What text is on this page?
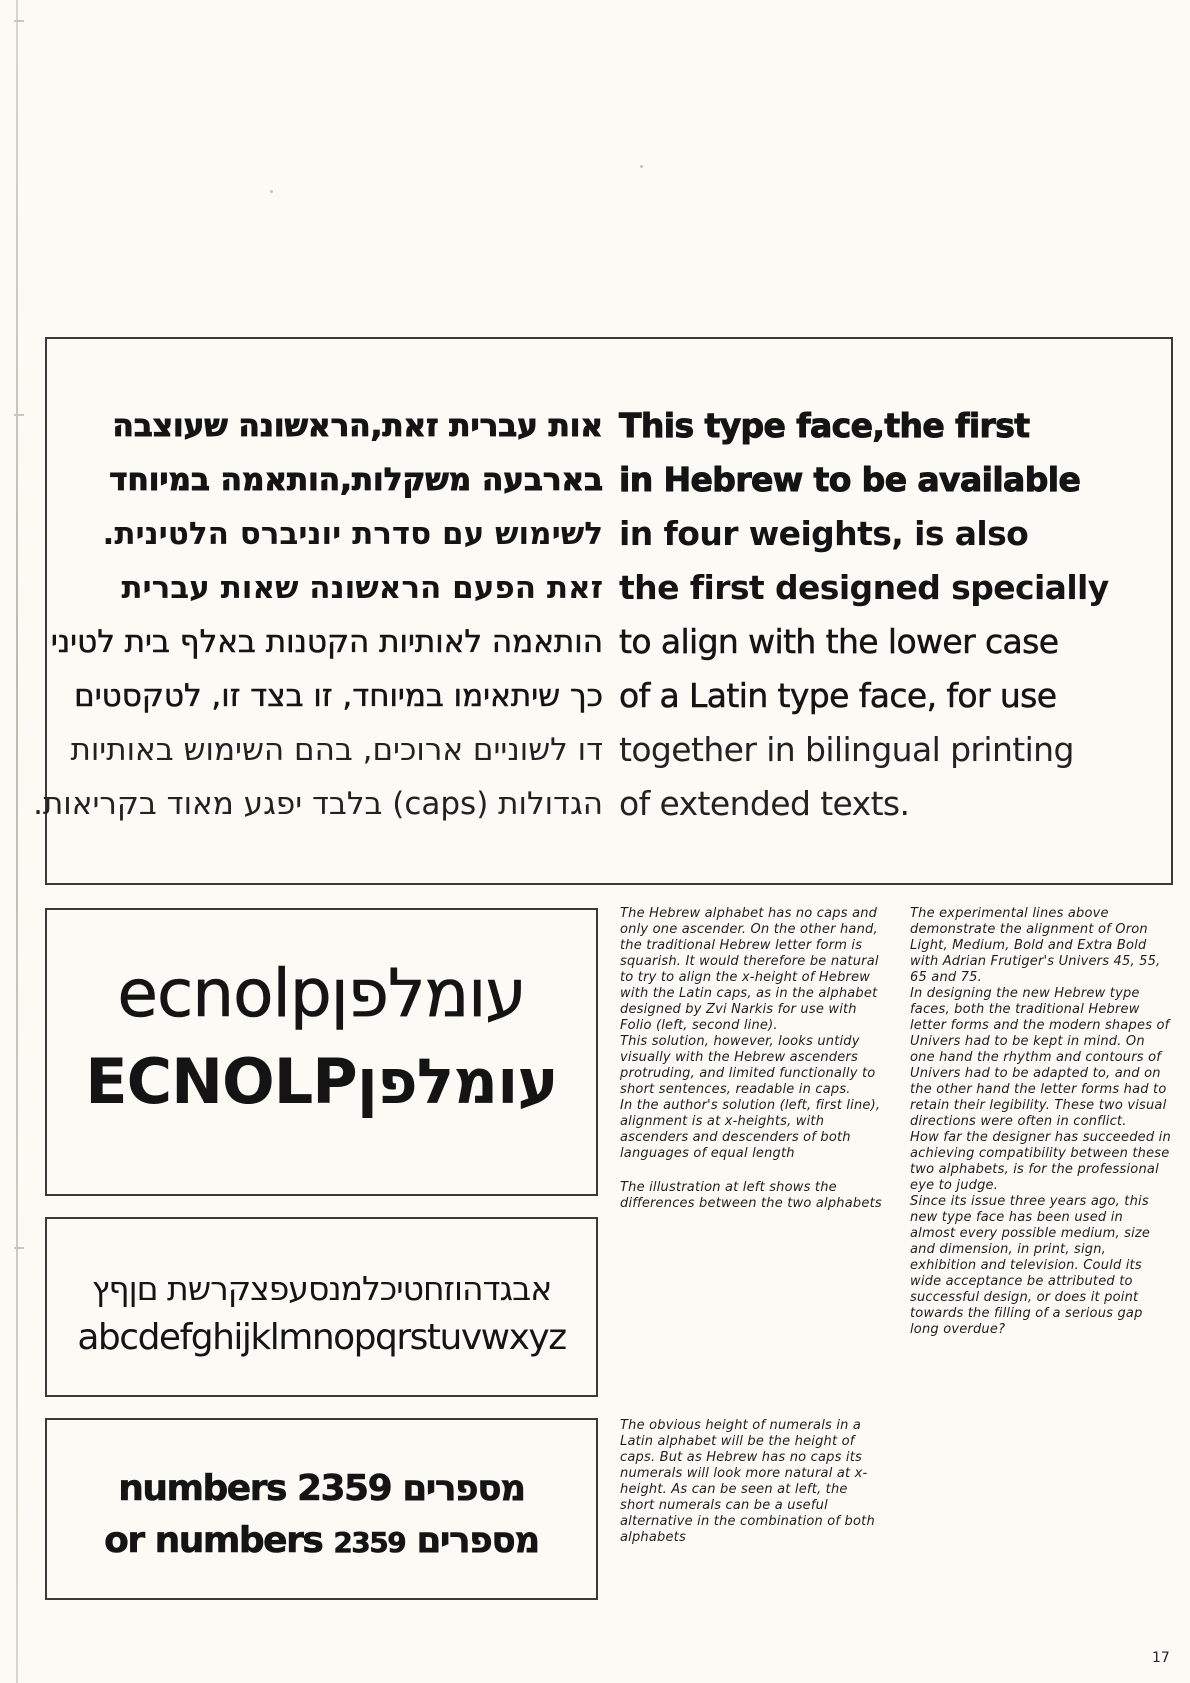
אות עברית זאת,הראשונה שעוצבה
בארבעה משקלות,הותאמה במיוחד
לשימוש עם סדרת יוניברס הלטינית.
זאת הפעם הראשונה שאות עברית
הותאמה לאותיות הקטנות באלף בית לטיני
כך שיתאימו במיוחד, זו בצד זו, לטקסטים
דו לשוניים ארוכים, בהם השימוש באותיות
הגדולות (caps) בלבד יפגע מאוד בקריאות.
This type face,the first
in Hebrew to be available
in four weights, is also
the first designed specially
to align with the lower case
of a Latin type face, for use
together in bilingual printing
of extended texts.
ecnolpעומלפן
ECNOLPעומלפן
אבגדהוזחטיכלמנסעפצקרשת םןףץ
abcdefghijklmnopqrstuvwxyz
numbers 2359 מספרים
or numbers 2359 מספרים

The Hebrew alphabet has no caps and only one ascender. On the other hand, the traditional Hebrew letter form is squarish. It would therefore be natural to try to align the x-height of Hebrew with the Latin caps, as in the alphabet designed by Zvi Narkis for use with Folio (left, second line).

This solution, however, looks untidy visually with the Hebrew ascenders protruding, and limited functionally to short sentences, readable in caps.

In the author's solution (left, first line), alignment is at x-heights, with ascenders and descenders of both languages of equal length

The illustration at left shows the differences between the two alphabets

The obvious height of numerals in a Latin alphabet will be the height of caps. But as Hebrew has no caps its numerals will look more natural at x-height. As can be seen at left, the short numerals can be a useful alternative in the combination of both alphabets

The experimental lines above demonstrate the alignment of Oron Light, Medium, Bold and Extra Bold with Adrian Frutiger's Univers 45, 55, 65 and 75.

In designing the new Hebrew type faces, both the traditional Hebrew letter forms and the modern shapes of Univers had to be kept in mind. On one hand the rhythm and contours of Univers had to be adapted to, and on the other hand the letter forms had to retain their legibility. These two visual directions were often in conflict.

How far the designer has succeeded in achieving compatibility between these two alphabets, is for the professional eye to judge.

Since its issue three years ago, this new type face has been used in almost every possible medium, size and dimension, in print, sign, exhibition and television. Could its wide acceptance be attributed to successful design, or does it point towards the filling of a serious gap long overdue?

17
